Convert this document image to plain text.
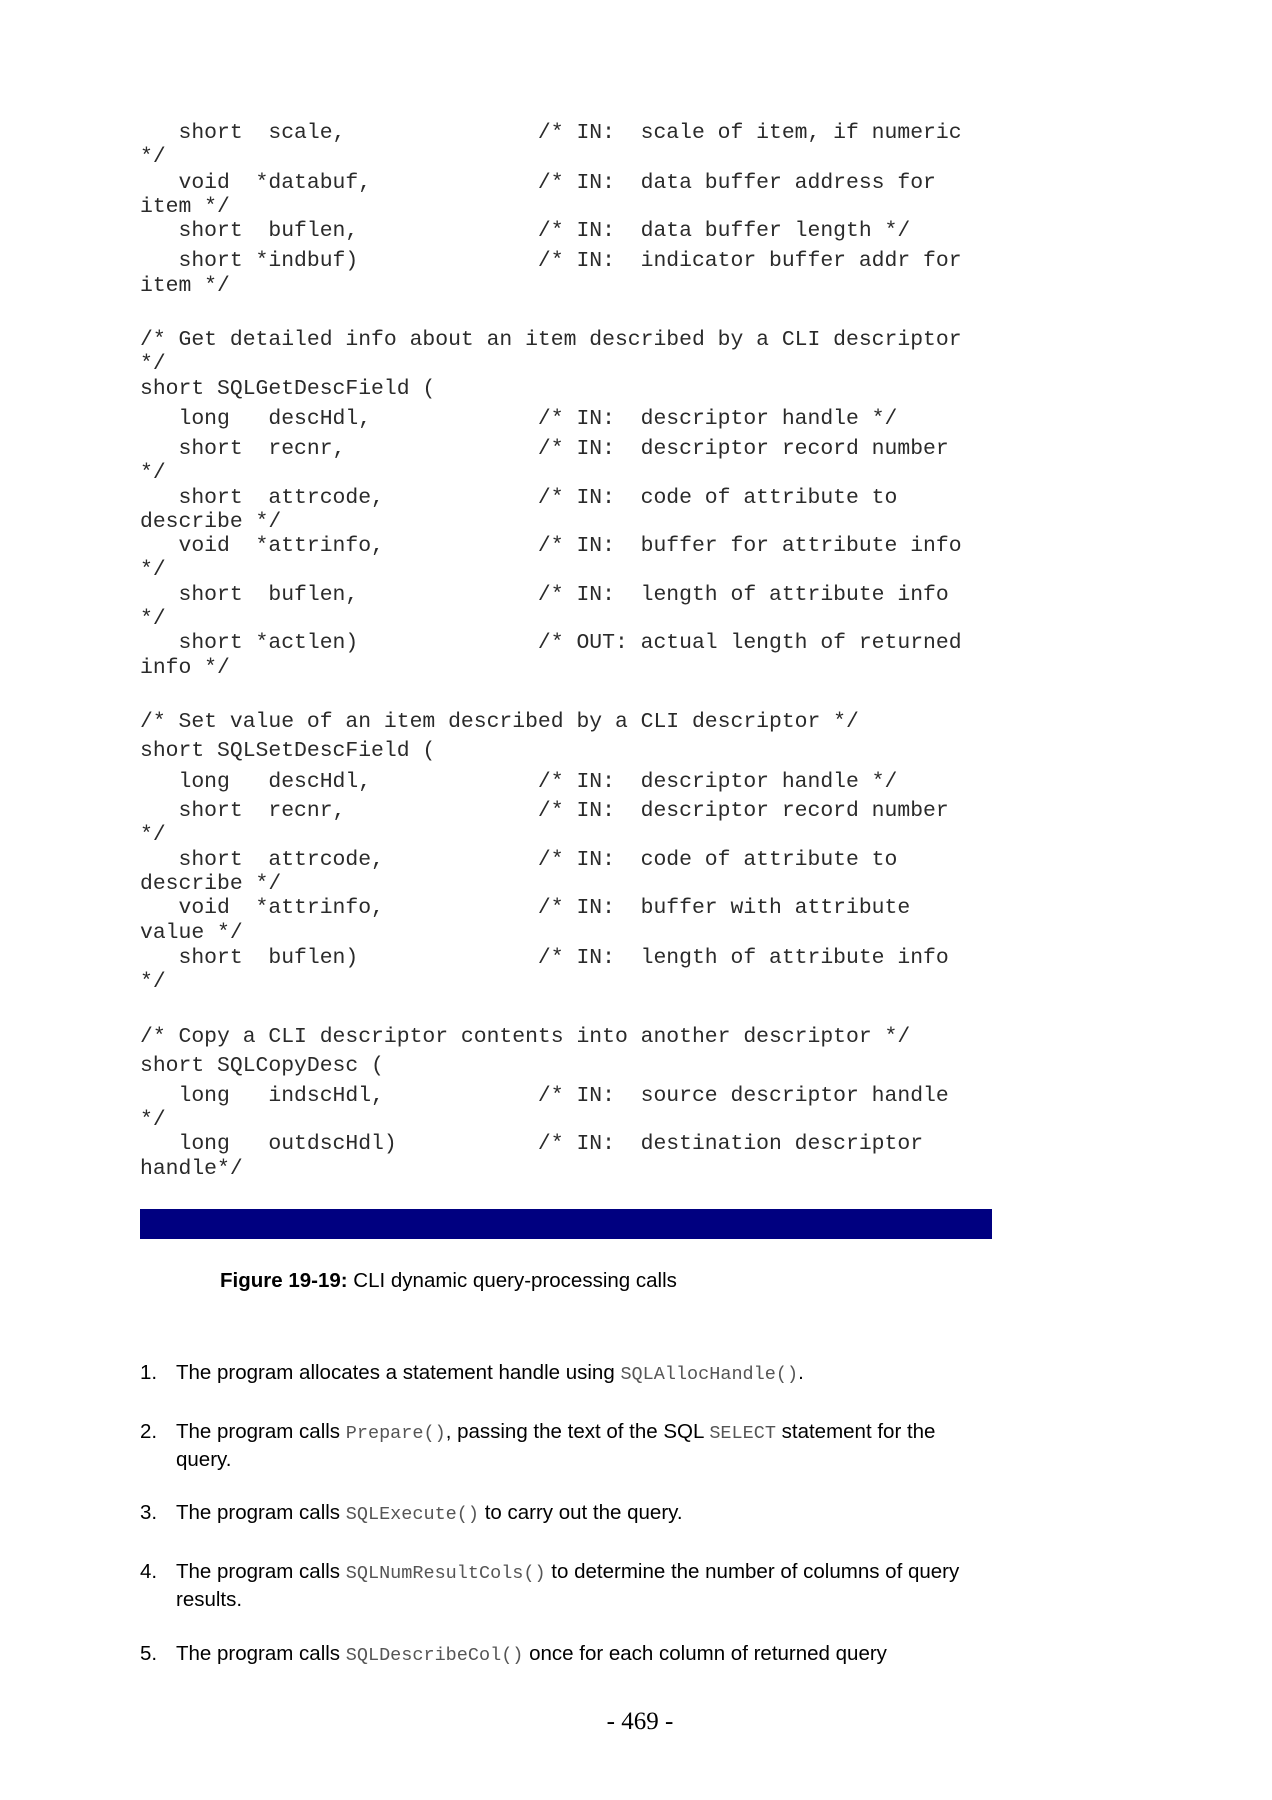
short  scale,               /* IN:  scale of item, if numeric
*/
void  *databuf,             /* IN:  data buffer address for
item */
short  buflen,              /* IN:  data buffer length */
short *indbuf)              /* IN:  indicator buffer addr for
item */
/* Get detailed info about an item described by a CLI descriptor
*/
short SQLGetDescField (
long   descHdl,             /* IN:  descriptor handle */
short  recnr,               /* IN:  descriptor record number
*/
short  attrcode,            /* IN:  code of attribute to
describe */
void  *attrinfo,            /* IN:  buffer for attribute info
*/
short  buflen,              /* IN:  length of attribute info
*/
short *actlen)              /* OUT: actual length of returned
info */
/* Set value of an item described by a CLI descriptor */
short SQLSetDescField (
long   descHdl,             /* IN:  descriptor handle */
short  recnr,               /* IN:  descriptor record number
*/
short  attrcode,            /* IN:  code of attribute to
describe */
void  *attrinfo,            /* IN:  buffer with attribute
value */
short  buflen)              /* IN:  length of attribute info
*/
/* Copy a CLI descriptor contents into another descriptor */
short SQLCopyDesc (
long   indscHdl,            /* IN:  source descriptor handle
*/
long   outdscHdl)           /* IN:  destination descriptor
handle*/
Figure 19-19: CLI dynamic query-processing calls
1. The program allocates a statement handle using SQLAllocHandle().
2. The program calls Prepare(), passing the text of the SQL SELECT statement for the query.
3. The program calls SQLExecute() to carry out the query.
4. The program calls SQLNumResultCols() to determine the number of columns of query results.
5. The program calls SQLDescribeCol() once for each column of returned query
- 469 -
